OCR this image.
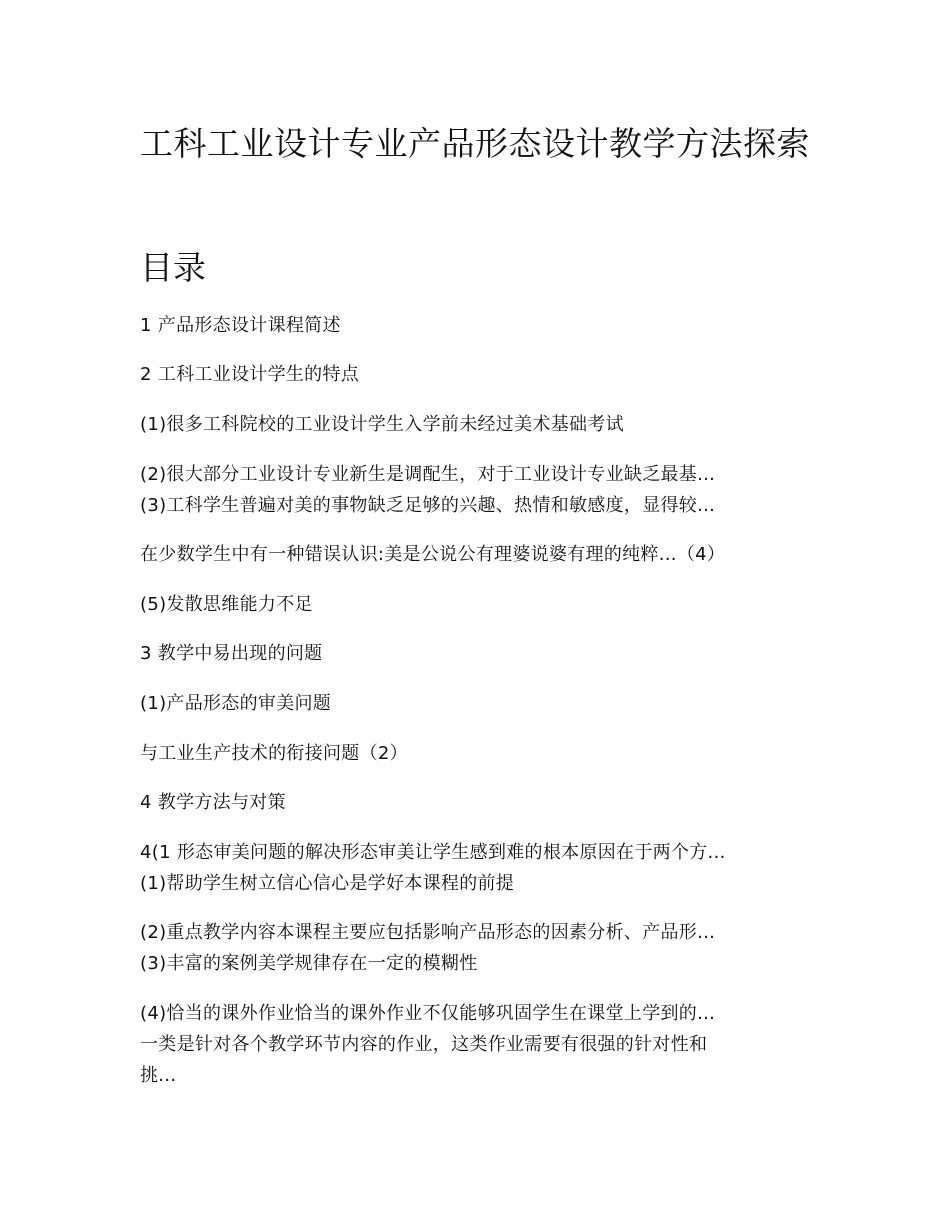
工科工业设计专业产品形态设计教学方法探索
目录
1 产品形态设计课程简述
2 工科工业设计学生的特点
(1)很多工科院校的工业设计学生入学前未经过美术基础考试
(2)很大部分工业设计专业新生是调配生，对于工业设计专业缺乏最基...
(3)工科学生普遍对美的事物缺乏足够的兴趣、热情和敏感度，显得较...
在少数学生中有一种错误认识:美是公说公有理婆说婆有理的纯粹...（4）
(5)发散思维能力不足
3 教学中易出现的问题
(1)产品形态的审美问题
与工业生产技术的衔接问题（2）
4 教学方法与对策
4(1 形态审美问题的解决形态审美让学生感到难的根本原因在于两个方...
(1)帮助学生树立信心信心是学好本课程的前提
(2)重点教学内容本课程主要应包括影响产品形态的因素分析、产品形...
(3)丰富的案例美学规律存在一定的模糊性
(4)恰当的课外作业恰当的课外作业不仅能够巩固学生在课堂上学到的...
一类是针对各个教学环节内容的作业，这类作业需要有很强的针对性和
挑...
